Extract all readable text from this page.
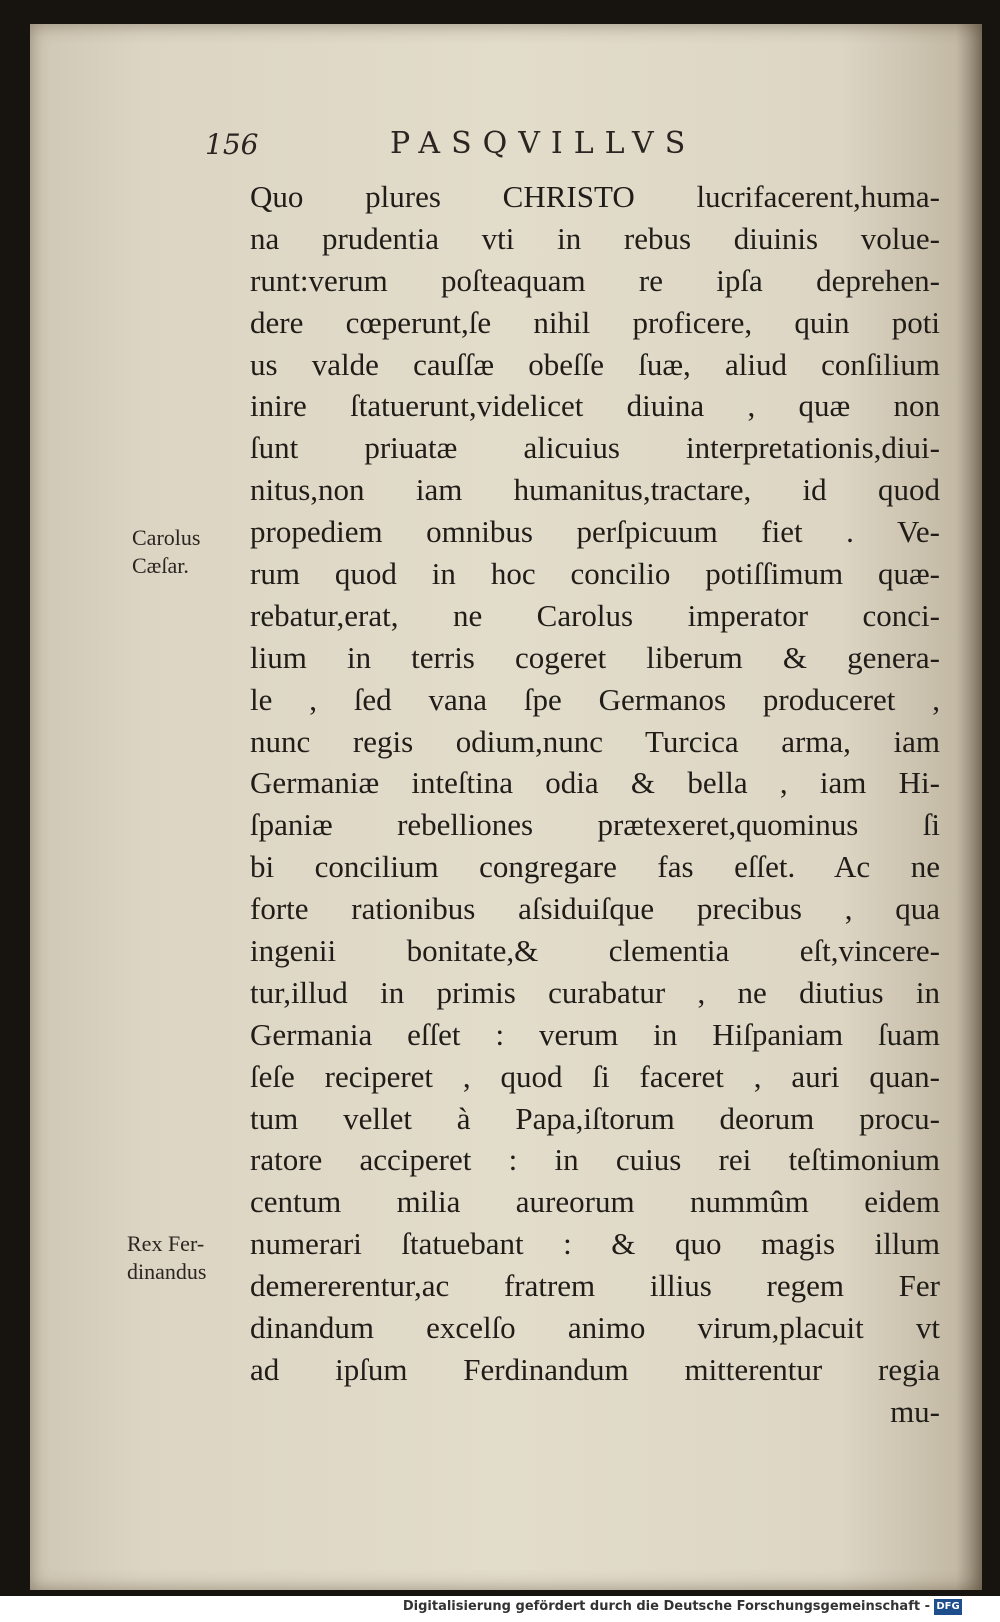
156	PASQVILLVS
Carolus
Cæſar.
Rex Fer-
dinandus
Quo plures CHRISTO lucrifacerent,huma-
na prudentia vti in rebus diuinis volue-
runt:verum poſteaquam re ipſa deprehen-
dere cœperunt,ſe nihil proficere, quin poti
us valde cauſſæ obeſſe ſuæ, aliud conſilium
inire ſtatuerunt,videlicet diuina , quæ non
ſunt priuatæ alicuius interpretationis,diui-
nitus,non iam humanitus,tractare, id quod
propediem omnibus perſpicuum fiet . Ve-
rum quod in hoc concilio potiſſimum quæ-
rebatur,erat, ne Carolus imperator conci-
lium in terris cogeret liberum & genera-
le , ſed vana ſpe Germanos produceret ,
nunc regis odium,nunc Turcica arma, iam
Germaniæ inteſtina odia & bella , iam Hi-
ſpaniæ rebelliones prætexeret,quominus ſi
bi concilium congregare fas eſſet. Ac ne
forte rationibus aſsiduiſque precibus , qua
ingenii bonitate,& clementia eſt,vincere-
tur,illud in primis curabatur , ne diutius in
Germania eſſet : verum in Hiſpaniam ſuam
ſeſe reciperet , quod ſi faceret , auri quan-
tum vellet à Papa,iſtorum deorum procu-
ratore acciperet : in cuius rei teſtimonium
centum milia aureorum nummûm eidem
numerari ſtatuebant : & quo magis illum
demererentur,ac fratrem illius regem Fer
dinandum excelſo animo virum,placuit vt
ad ipſum Ferdinandum mitterentur regia
mu-
Digitalisierung gefördert durch die Deutsche Forschungsgemeinschaft - DFG
